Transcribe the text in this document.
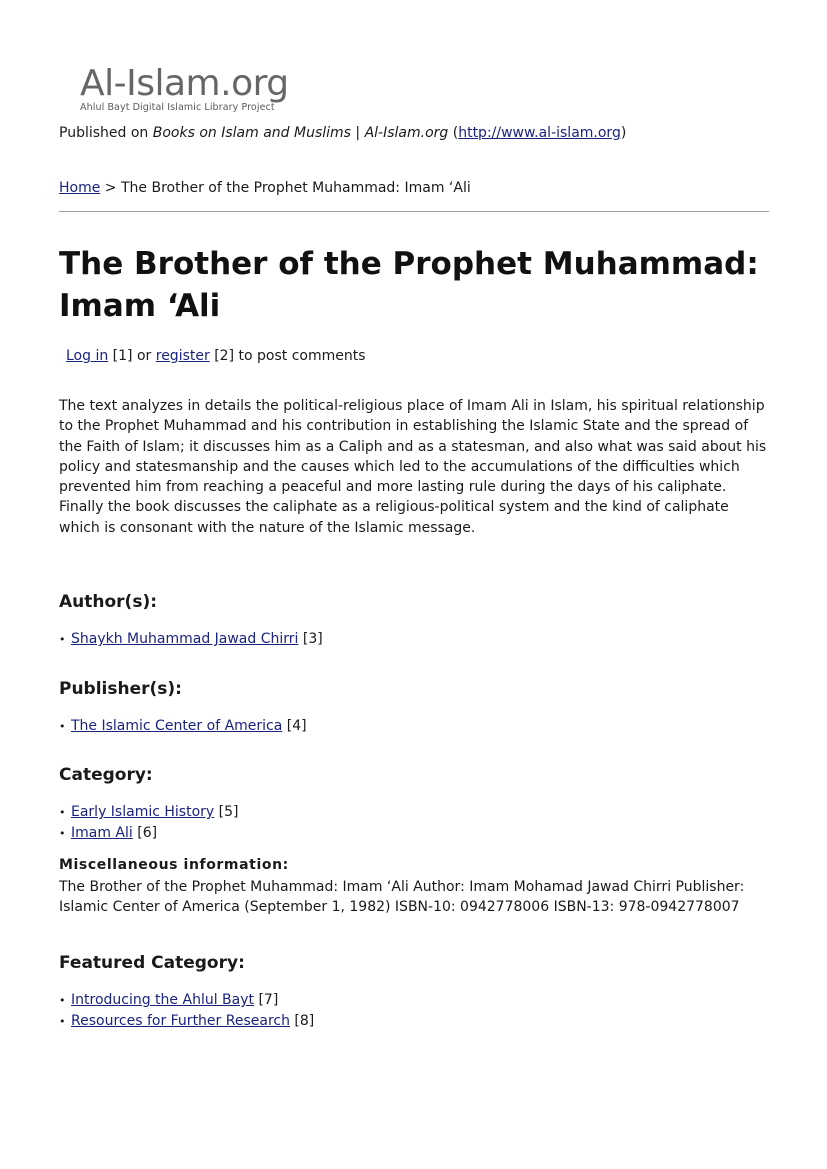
Al-Islam.org
Ahlul Bayt Digital Islamic Library Project
Published on Books on Islam and Muslims | Al-Islam.org (http://www.al-islam.org)
Home > The Brother of the Prophet Muhammad: Imam ‘Ali
The Brother of the Prophet Muhammad: Imam ‘Ali
Log in [1] or register [2] to post comments

The text analyzes in details the political-religious place of Imam Ali in Islam, his spiritual relationship to the Prophet Muhammad and his contribution in establishing the Islamic State and the spread of the Faith of Islam; it discusses him as a Caliph and as a statesman, and also what was said about his policy and statesmanship and the causes which led to the accumulations of the difficulties which prevented him from reaching a peaceful and more lasting rule during the days of his caliphate. Finally the book discusses the caliphate as a religious-political system and the kind of caliphate which is consonant with the nature of the Islamic message.

Author(s):
• Shaykh Muhammad Jawad Chirri [3]
Publisher(s):
• The Islamic Center of America [4]
Category:
• Early Islamic History [5]
• Imam Ali [6]
Miscellaneous information:

The Brother of the Prophet Muhammad: Imam ‘Ali Author: Imam Mohamad Jawad Chirri Publisher: Islamic Center of America (September 1, 1982) ISBN-10: 0942778006 ISBN-13: 978-0942778007

Featured Category:
• Introducing the Ahlul Bayt [7]
• Resources for Further Research [8]
